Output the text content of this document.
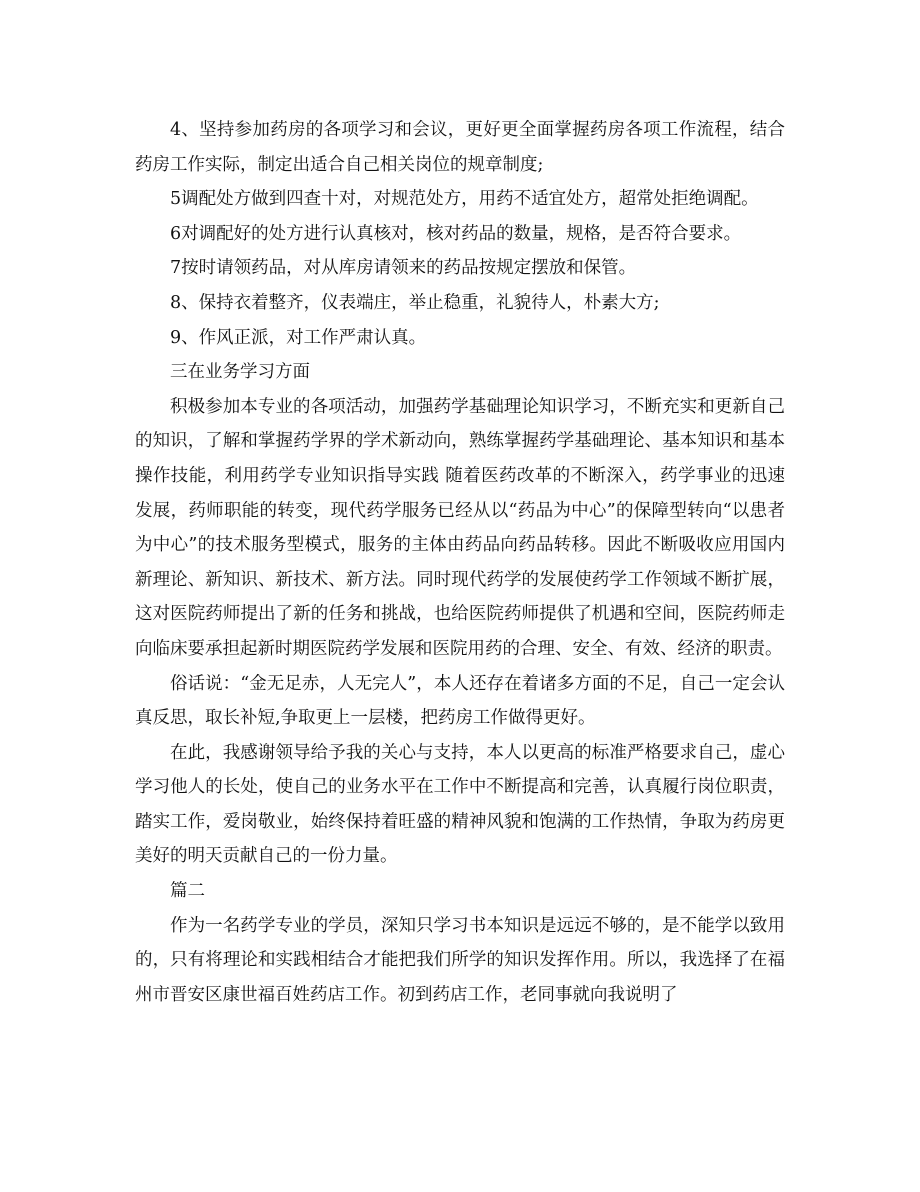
4、坚持参加药房的各项学习和会议，更好更全面掌握药房各项工作流程，结合药房工作实际，制定出适合自己相关岗位的规章制度;

5调配处方做到四查十对，对规范处方，用药不适宜处方，超常处拒绝调配。

6对调配好的处方进行认真核对，核对药品的数量，规格，是否符合要求。

7按时请领药品，对从库房请领来的药品按规定摆放和保管。

8、保持衣着整齐，仪表端庄，举止稳重，礼貌待人，朴素大方;

9、作风正派，对工作严肃认真。

三在业务学习方面

积极参加本专业的各项活动，加强药学基础理论知识学习，不断充实和更新自己的知识，了解和掌握药学界的学术新动向，熟练掌握药学基础理论、基本知识和基本操作技能，利用药学专业知识指导实践 随着医药改革的不断深入，药学事业的迅速发展，药师职能的转变，现代药学服务已经从以“药品为中心”的保障型转向“以患者为中心”的技术服务型模式，服务的主体由药品向药品转移。因此不断吸收应用国内新理论、新知识、新技术、新方法。同时现代药学的发展使药学工作领域不断扩展，这对医院药师提出了新的任务和挑战，也给医院药师提供了机遇和空间，医院药师走向临床要承担起新时期医院药学发展和医院用药的合理、安全、有效、经济的职责。

俗话说：“金无足赤，人无完人”，本人还存在着诸多方面的不足，自己一定会认真反思，取长补短,争取更上一层楼，把药房工作做得更好。

在此，我感谢领导给予我的关心与支持，本人以更高的标准严格要求自己，虚心学习他人的长处，使自己的业务水平在工作中不断提高和完善，认真履行岗位职责，踏实工作，爱岗敬业，始终保持着旺盛的精神风貌和饱满的工作热情，争取为药房更美好的明天贡献自己的一份力量。

篇二

作为一名药学专业的学员，深知只学习书本知识是远远不够的，是不能学以致用的，只有将理论和实践相结合才能把我们所学的知识发挥作用。所以，我选择了在福州市晋安区康世福百姓药店工作。初到药店工作，老同事就向我说明了
